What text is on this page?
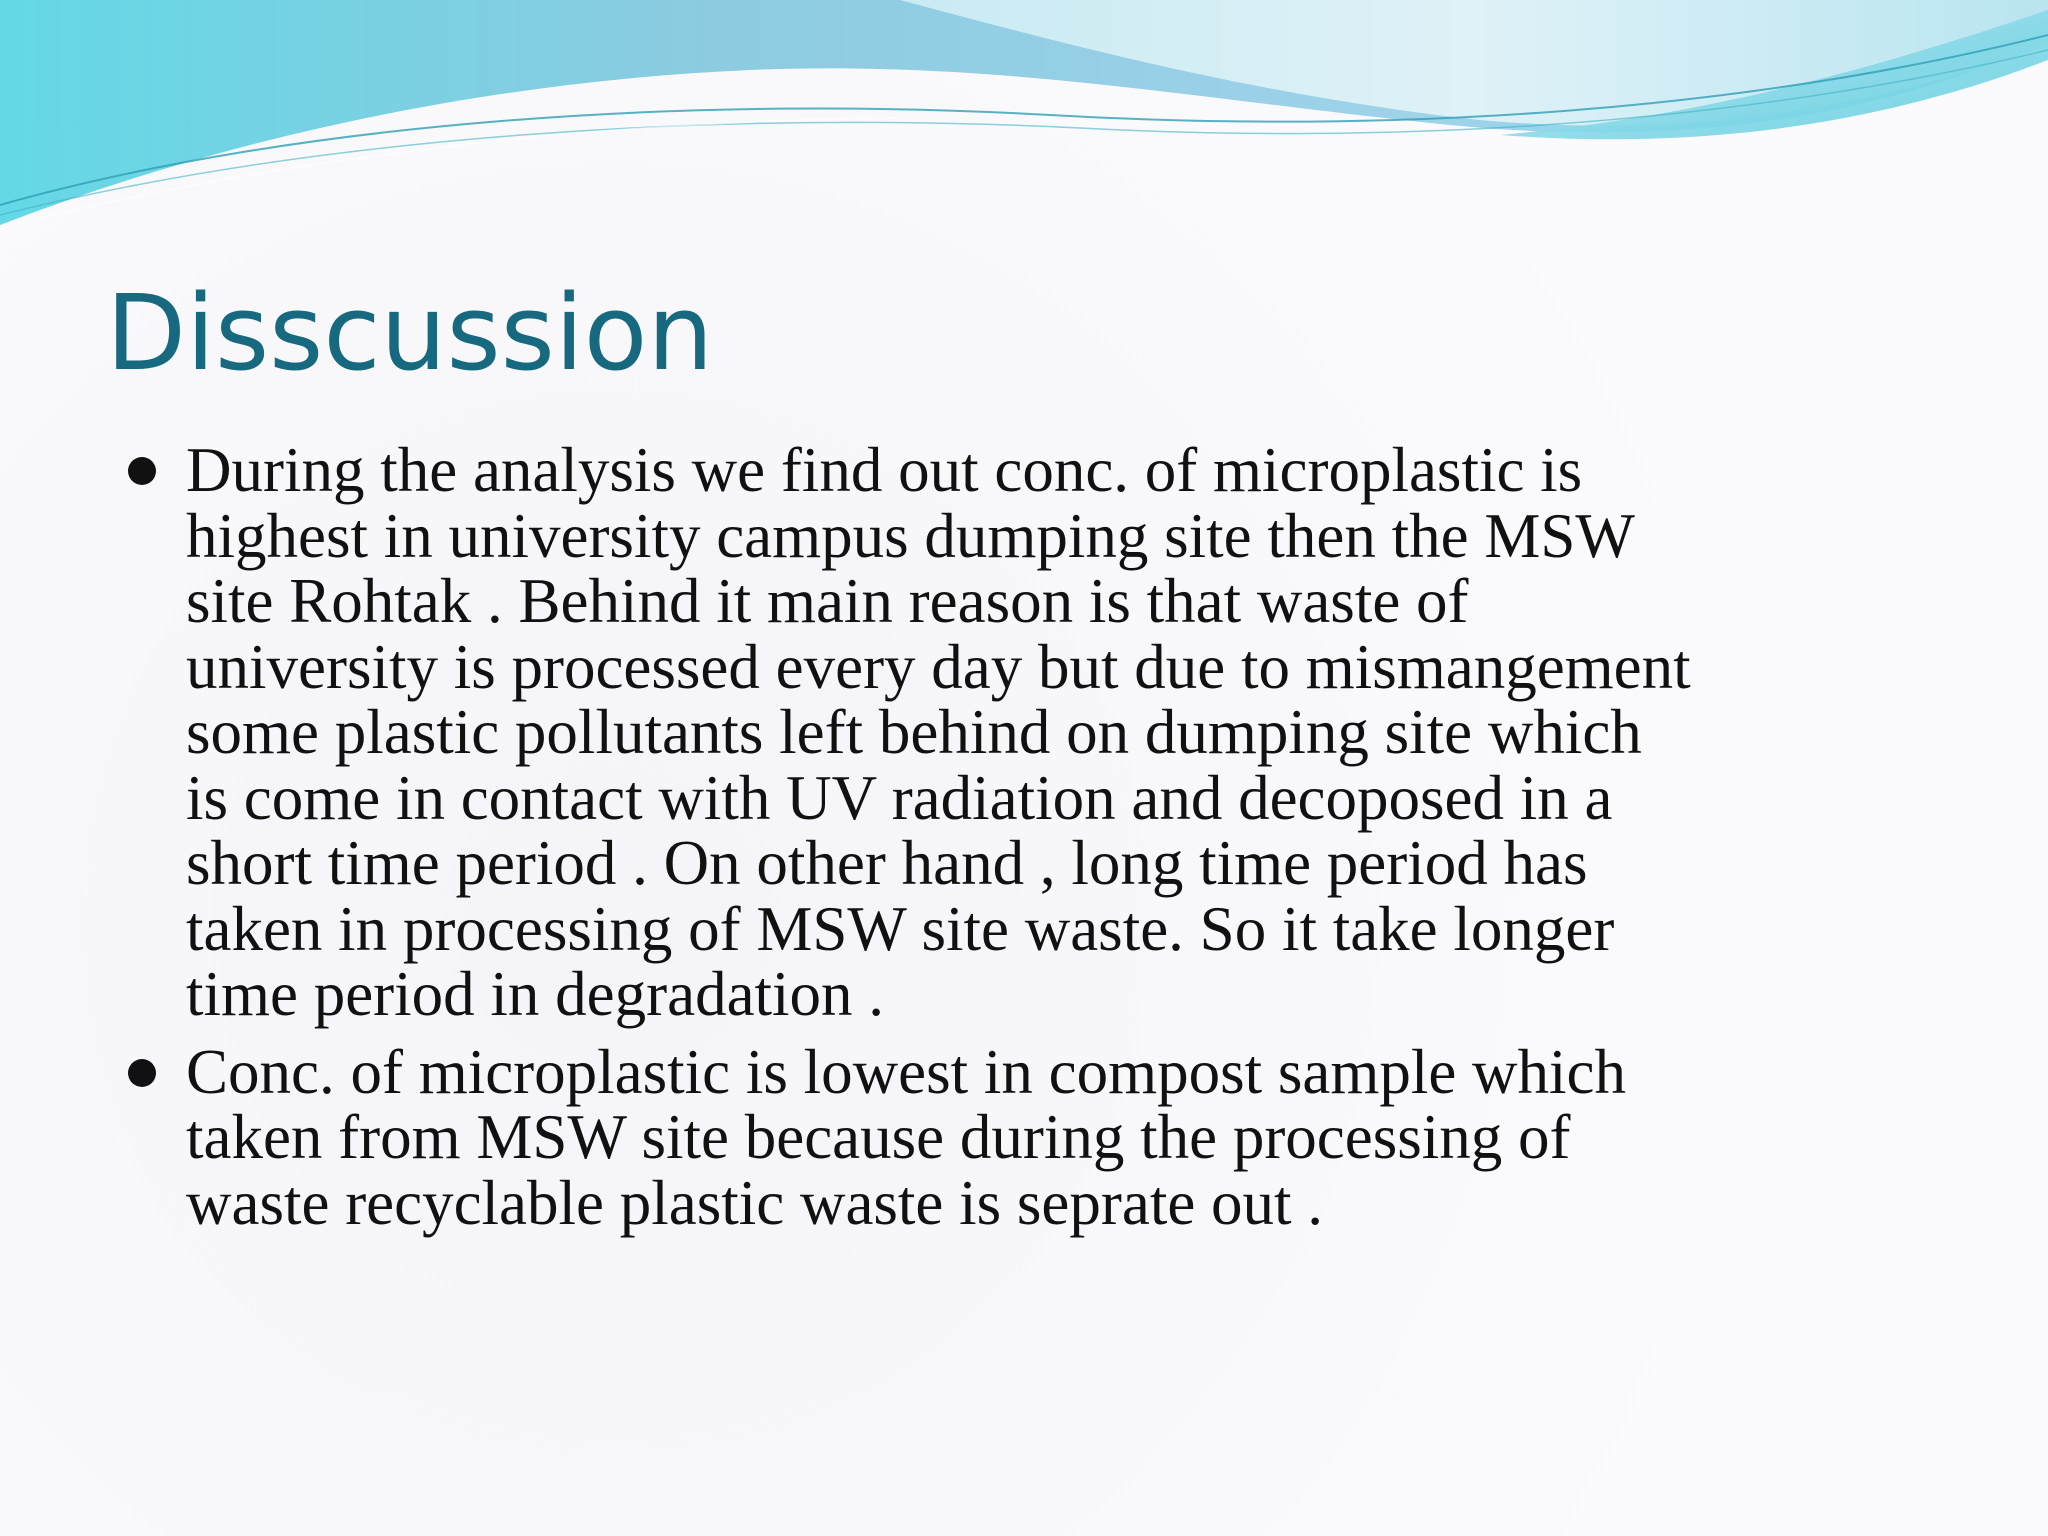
Disscussion
During the analysis we find out conc. of microplastic is
highest in university campus dumping site then the MSW
site Rohtak . Behind it main reason is that waste of
university is processed every day but due to mismangement
some plastic pollutants left behind on dumping site which
is come in contact with UV radiation and decoposed in a
short time period . On other hand , long time period has
taken in processing of MSW site waste. So it take longer
time period in degradation .
Conc. of microplastic is lowest in compost sample which
taken from MSW site because during the processing of
waste recyclable plastic waste is seprate out .
